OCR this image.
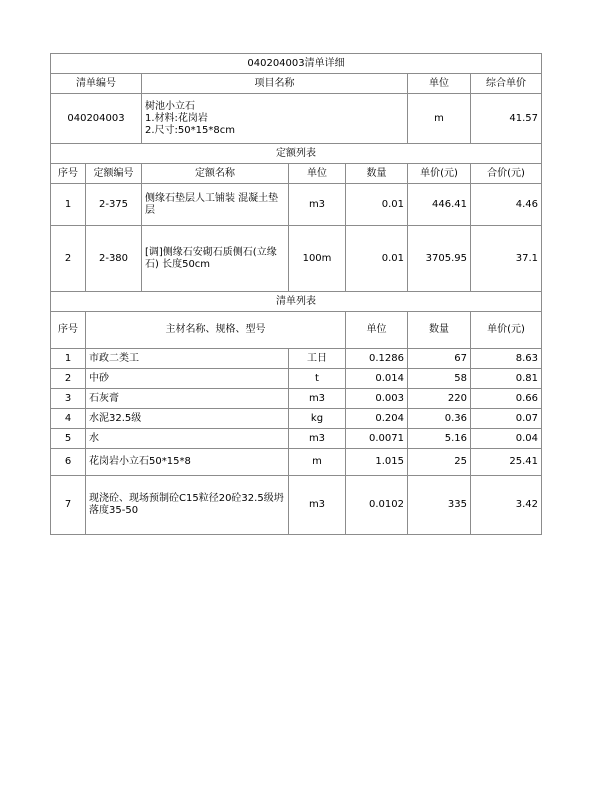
040204003清单详细							
清单编号		项目名称			单位	综合单价	
040204003		树池小立石
1.材料:花岗岩
2.尺寸:50*15*8cm			m	41.57	
定额列表							
序号	定额编号	定额名称	单位	数量	单价(元)	合价(元)	
1	2-375	侧缘石垫层人工铺装 混凝土垫层	m3	0.01	446.41	4.46	
2	2-380	[调]侧缘石安砌石质侧石(立缘石) 长度50cm	100m	0.01	3705.95	37.1	
清单列表							
序号	主材名称、规格、型号			单位	数量	单价(元)	
1	市政二类工		工日	0.1286	67	8.63	
2	中砂		t	0.014	58	0.81	
3	石灰膏		m3	0.003	220	0.66	
4	水泥32.5级		kg	0.204	0.36	0.07	
5	水		m3	0.0071	5.16	0.04	
6	花岗岩小立石50*15*8		m	1.015	25	25.41	
7	现浇砼、现场预制砼C15粒径20砼32.5级坍落度35-50		m3	0.0102	335	3.42	
